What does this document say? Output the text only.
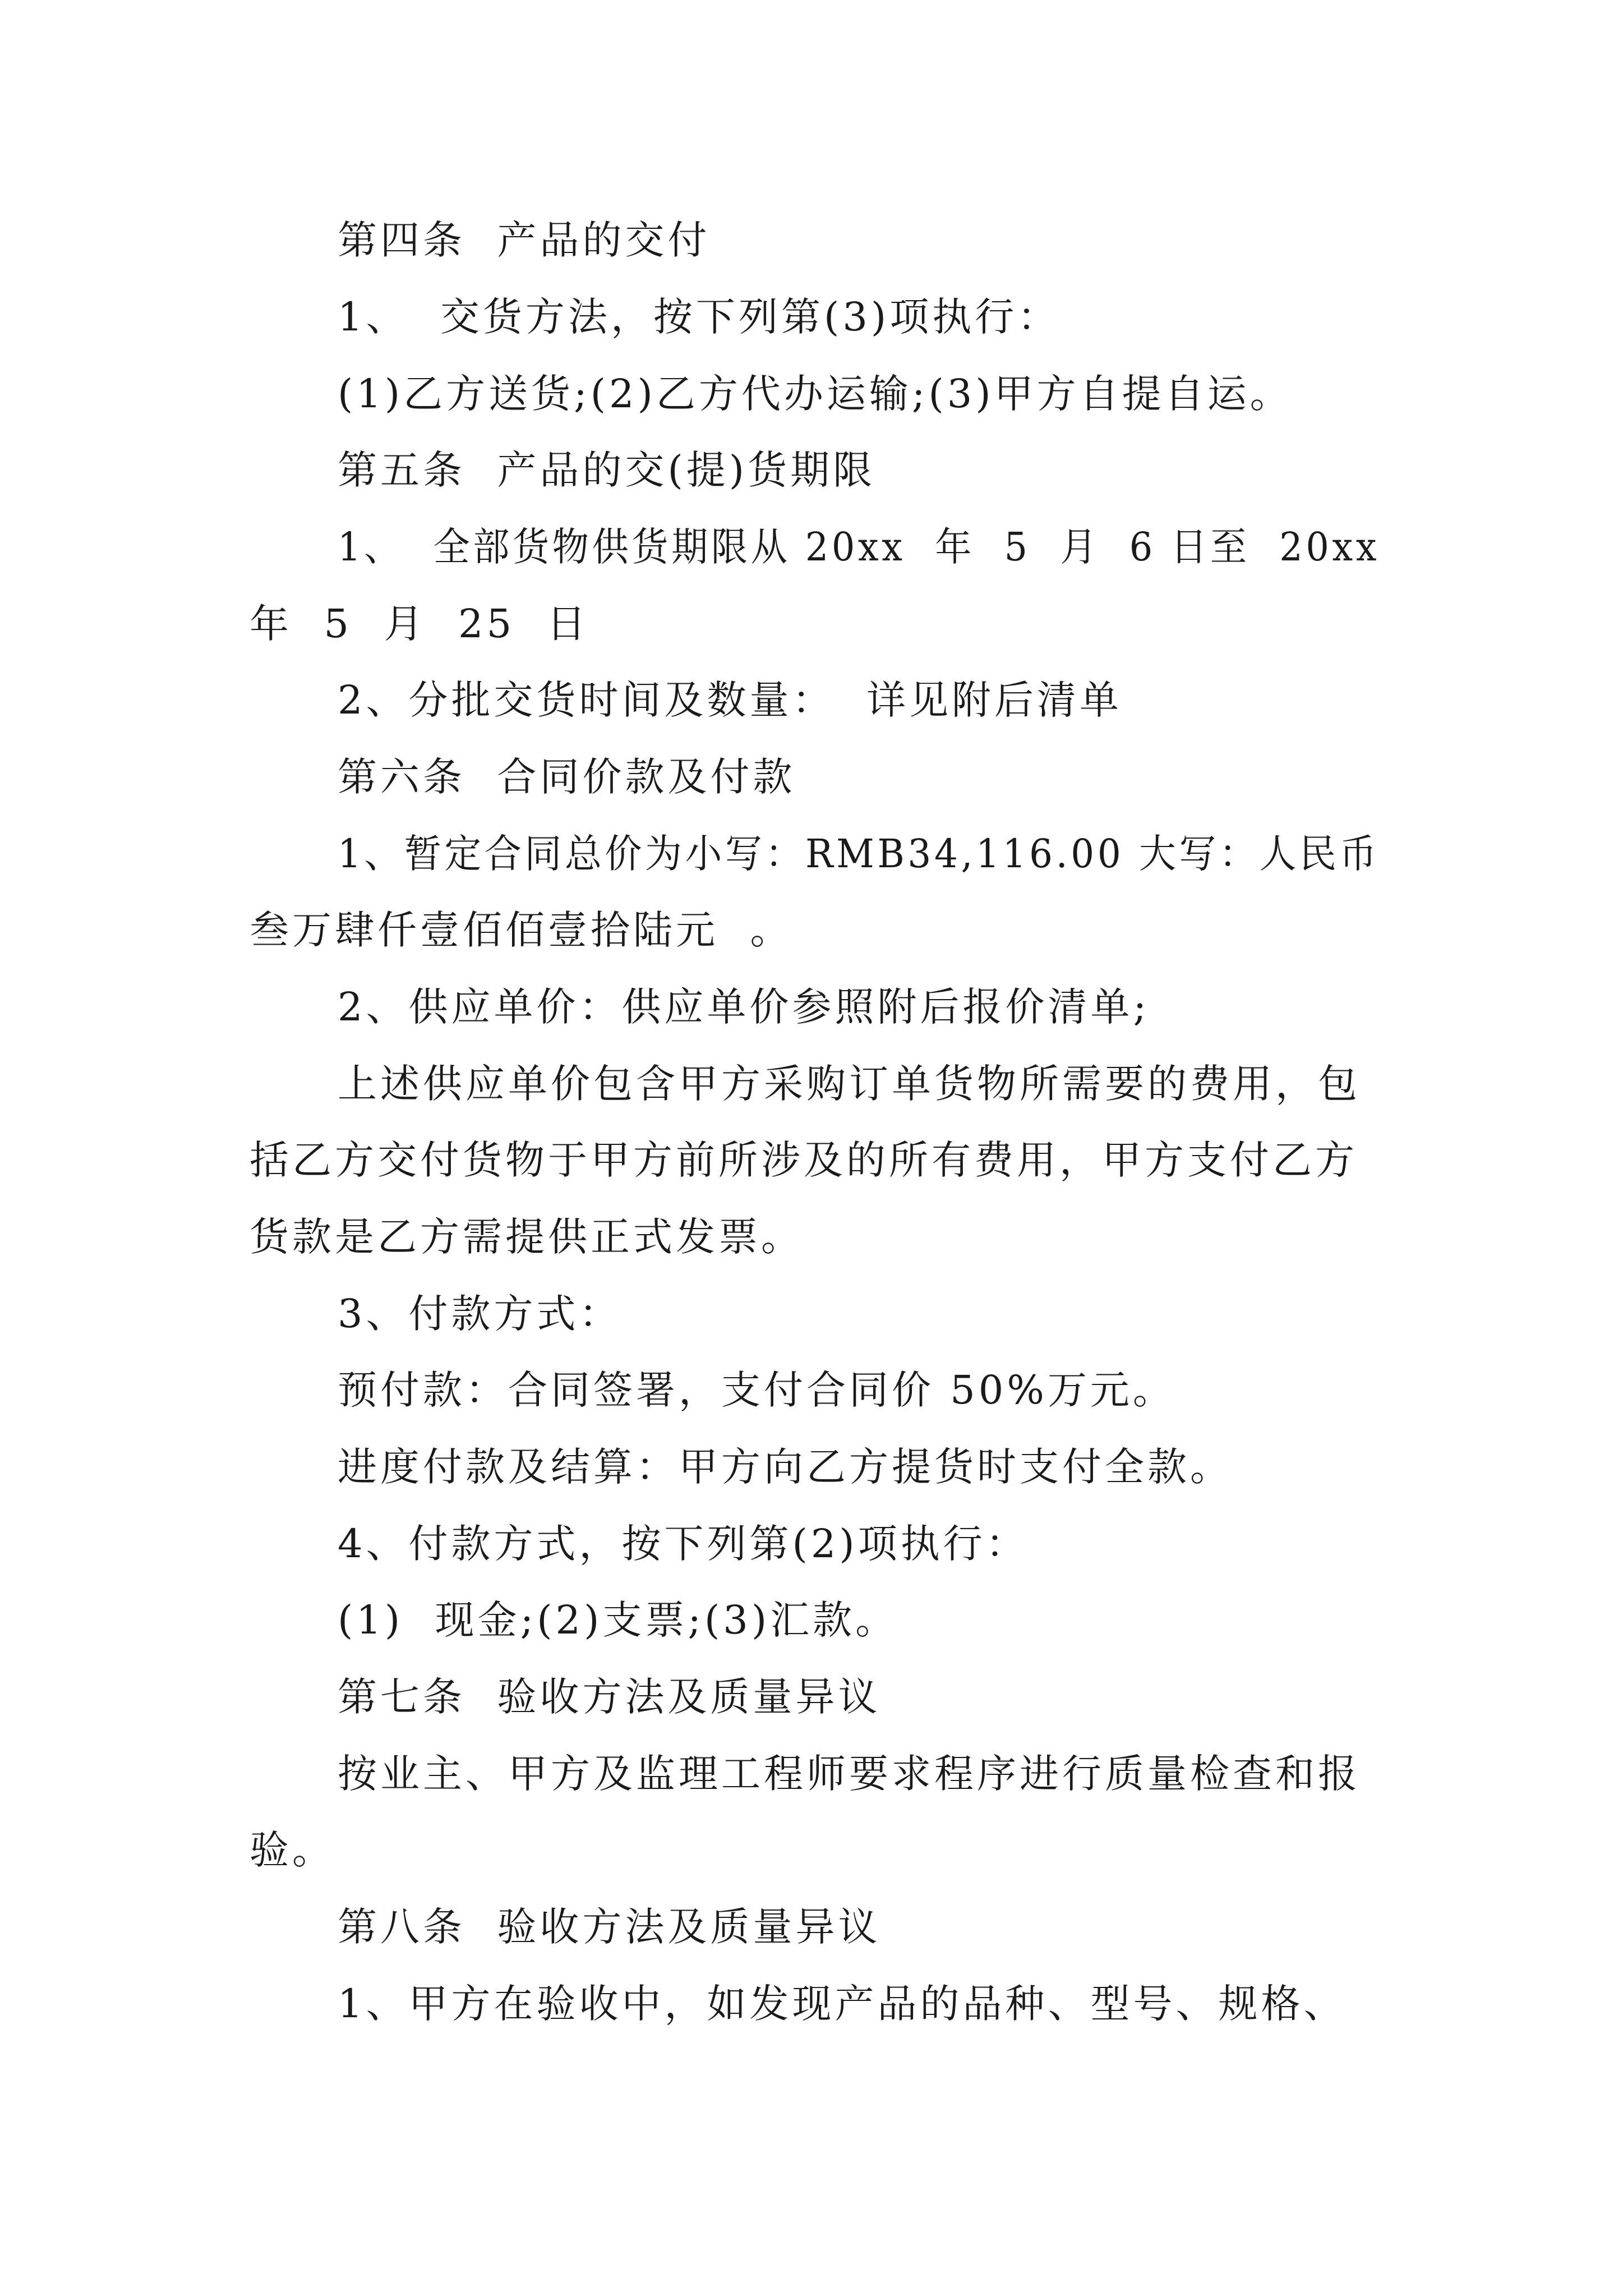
第四条  产品的交付
1、  交货方法，按下列第(3)项执行：
(1)乙方送货;(2)乙方代办运输;(3)甲方自提自运。
第五条  产品的交(提)货期限
1、  全部货物供货期限从 20xx  年  5  月  6 日至  20xx
年  5  月  25  日
2、分批交货时间及数量：  详见附后清单
第六条  合同价款及付款
1、暂定合同总价为小写：RMB34,116.00 大写：人民币
叁万肆仟壹佰佰壹拾陆元  。
2、供应单价：供应单价参照附后报价清单;
上述供应单价包含甲方采购订单货物所需要的费用，包
括乙方交付货物于甲方前所涉及的所有费用，甲方支付乙方
货款是乙方需提供正式发票。
3、付款方式：
预付款：合同签署，支付合同价 50%万元。
进度付款及结算：甲方向乙方提货时支付全款。
4、付款方式，按下列第(2)项执行：
(1)  现金;(2)支票;(3)汇款。
第七条  验收方法及质量异议
按业主、甲方及监理工程师要求程序进行质量检查和报
验。
第八条  验收方法及质量异议
1、甲方在验收中，如发现产品的品种、型号、规格、
